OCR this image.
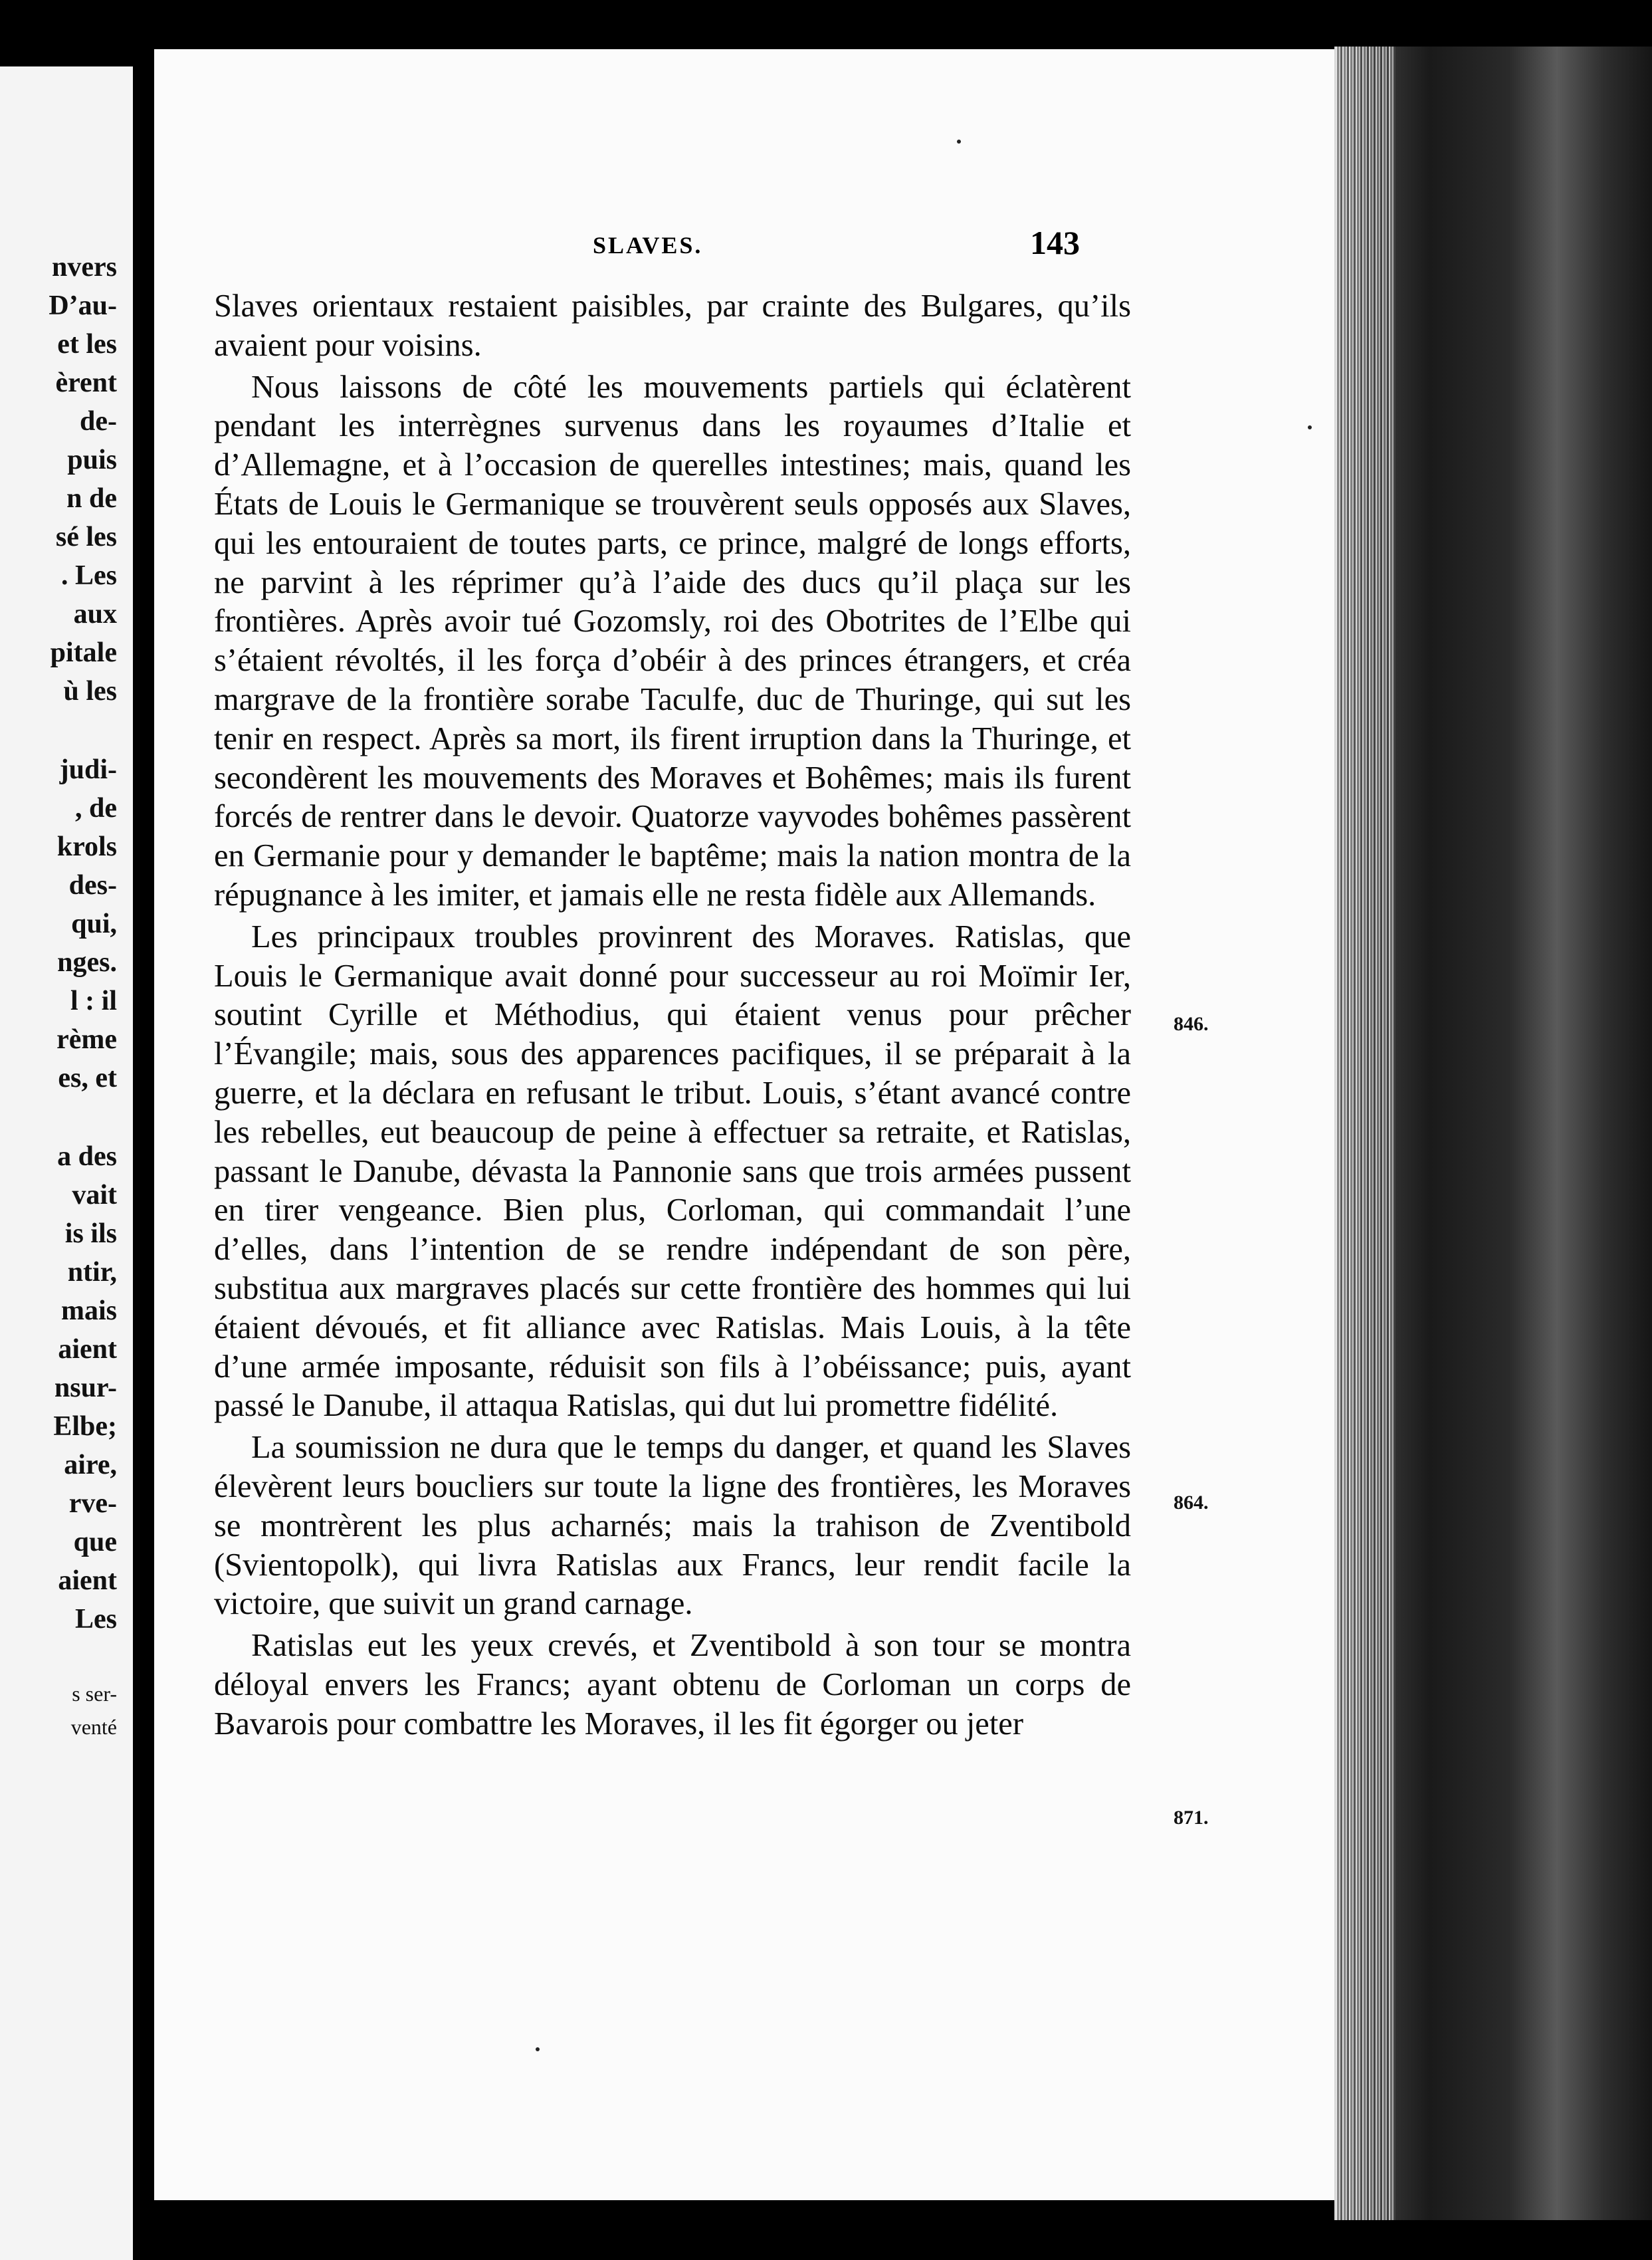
nvers
D’au-
et les
èrent
de-
puis
n de
sé les
. Les
aux
pitale
ù les
judi-
, de
krols
des-
qui,
nges.
l : il
rème
es, et
a des
vait
is ils
ntir,
mais
aient
nsur-
Elbe;
aire,
rve-
que
aient
Les
s ser-
venté
SLAVES.	143

Slaves orientaux restaient paisibles, par crainte des Bulgares, qu’ils avaient pour voisins.

Nous laissons de côté les mouvements partiels qui éclatèrent pendant les interrègnes survenus dans les royaumes d’Italie et d’Allemagne, et à l’occasion de querelles intestines; mais, quand les États de Louis le Germanique se trouvèrent seuls opposés aux Slaves, qui les entouraient de toutes parts, ce prince, malgré de longs efforts, ne parvint à les réprimer qu’à l’aide des ducs qu’il plaça sur les frontières. Après avoir tué Gozomsly, roi des Obotrites de l’Elbe qui s’étaient révoltés, il les força d’obéir à des princes étrangers, et créa margrave de la frontière sorabe Taculfe, duc de Thuringe, qui sut les tenir en respect. Après sa mort, ils firent irruption dans la Thuringe, et secondèrent les mouvements des Moraves et Bohêmes; mais ils furent forcés de rentrer dans le devoir. Quatorze vayvodes bohêmes passèrent en Germanie pour y demander le baptême; mais la nation montra de la répugnance à les imiter, et jamais elle ne resta fidèle aux Allemands.

Les principaux troubles provinrent des Moraves. Ratislas, que Louis le Germanique avait donné pour successeur au roi Moïmir Ier, soutint Cyrille et Méthodius, qui étaient venus pour prêcher l’Évangile; mais, sous des apparences pacifiques, il se préparait à la guerre, et la déclara en refusant le tribut. Louis, s’étant avancé contre les rebelles, eut beaucoup de peine à effectuer sa retraite, et Ratislas, passant le Danube, dévasta la Pannonie sans que trois armées pussent en tirer vengeance. Bien plus, Corloman, qui commandait l’une d’elles, dans l’intention de se rendre indépendant de son père, substitua aux margraves placés sur cette frontière des hommes qui lui étaient dévoués, et fit alliance avec Ratislas. Mais Louis, à la tête d’une armée imposante, réduisit son fils à l’obéissance; puis, ayant passé le Danube, il attaqua Ratislas, qui dut lui promettre fidélité.

La soumission ne dura que le temps du danger, et quand les Slaves élevèrent leurs boucliers sur toute la ligne des frontières, les Moraves se montrèrent les plus acharnés; mais la trahison de Zventibold (Svientopolk), qui livra Ratislas aux Francs, leur rendit facile la victoire, que suivit un grand carnage.

Ratislas eut les yeux crevés, et Zventibold à son tour se montra déloyal envers les Francs; ayant obtenu de Corloman un corps de Bavarois pour combattre les Moraves, il les fit égorger ou jeter

846.
864.
871.
